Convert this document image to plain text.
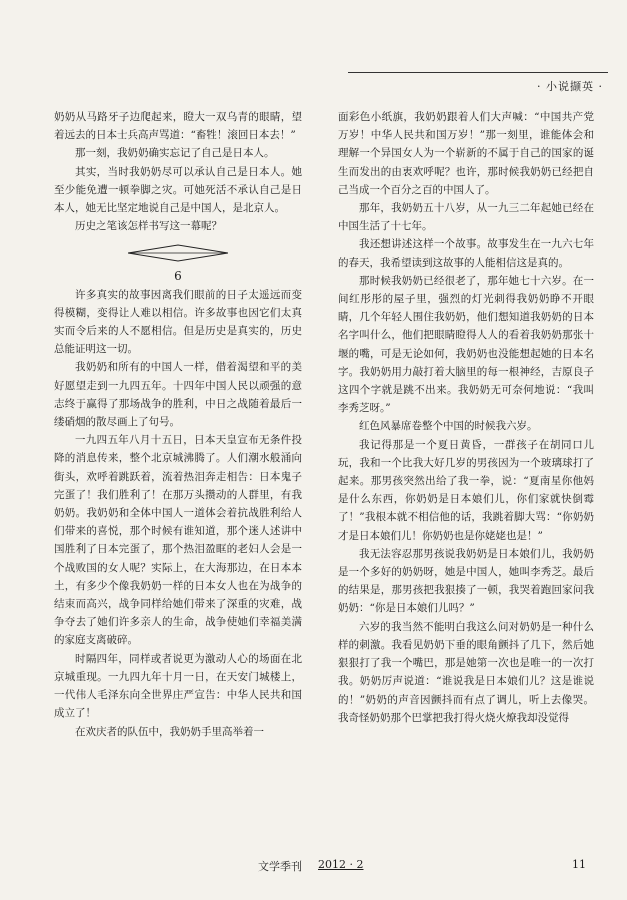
· 小说撷英 ·

奶奶从马路牙子边爬起来，瞪大一双乌青的眼睛，望着远去的日本士兵高声骂道：“畜牲！滚回日本去！”

那一刻，我奶奶确实忘记了自己是日本人。

其实，当时我奶奶尽可以承认自己是日本人。她至少能免遭一顿拳脚之灾。可她死活不承认自己是日本人，她无比坚定地说自己是中国人，是北京人。

历史之笔该怎样书写这一幕呢？

6

许多真实的故事因离我们眼前的日子太遥远而变得模糊，变得让人难以相信。许多故事也因它们太真实而令后来的人不愿相信。但是历史是真实的，历史总能证明这一切。

我奶奶和所有的中国人一样，借着渴望和平的美好愿望走到一九四五年。十四年中国人民以顽强的意志终于赢得了那场战争的胜利，中日之战随着最后一缕硝烟的散尽画上了句号。

一九四五年八月十五日，日本天皇宣布无条件投降的消息传来，整个北京城沸腾了。人们潮水般涌向街头，欢呼着跳跃着，流着热泪奔走相告：日本鬼子完蛋了！我们胜利了！在那万头攒动的人群里，有我奶奶。我奶奶和全体中国人一道体会着抗战胜利给人们带来的喜悦，那个时候有谁知道，那个迷人述讲中国胜利了日本完蛋了，那个热泪盈眶的老妇人会是一个战败国的女人呢？实际上，在大海那边，在日本本土，有多少个像我奶奶一样的日本女人也在为战争的结束而高兴，战争同样给她们带来了深重的灾难，战争夺去了她们许多亲人的生命，战争使她们幸福美满的家庭支离破碎。

时隔四年，同样或者说更为激动人心的场面在北京城重现。一九四九年十月一日，在天安门城楼上，一代伟人毛泽东向全世界庄严宣告：中华人民共和国成立了！

在欢庆者的队伍中，我奶奶手里高举着一

面彩色小纸旗，我奶奶跟着人们大声喊：“中国共产党万岁！中华人民共和国万岁！”那一刻里，谁能体会和理解一个异国女人为一个崭新的不属于自己的国家的诞生而发出的由衷欢呼呢？也许，那时候我奶奶已经把自己当成一个百分之百的中国人了。

那年，我奶奶五十八岁，从一九三二年起她已经在中国生活了十七年。

我还想讲述这样一个故事。故事发生在一九六七年的春天，我希望读到这故事的人能相信这是真的。

那时候我奶奶已经很老了，那年她七十六岁。在一间红彤彤的屋子里，强烈的灯光刺得我奶奶睁不开眼睛，几个年轻人围住我奶奶，他们想知道我奶奶的日本名字叫什么，他们把眼睛瞪得人人的看着我奶奶那张十堰的嘴，可是无论如何，我奶奶也没能想起她的日本名字。我奶奶用力敲打着大脑里的每一根神经，吉原良子这四个字就是跳不出来。我奶奶无可奈何地说：“我叫李秀芝呀。”

红色风暴席卷整个中国的时候我六岁。

我记得那是一个夏日黄昏，一群孩子在胡同口儿玩，我和一个比我大好几岁的男孩因为一个玻璃球打了起来。那男孩突然出给了我一拳，说：“夏南星你他妈是什么东西，你奶奶是日本娘们儿，你们家就快倒霉了！”我根本就不相信他的话，我跳着脚大骂：“你奶奶才是日本娘们儿！你奶奶也是你姥姥也是！”

我无法容忍那男孩说我奶奶是日本娘们儿，我奶奶是一个多好的奶奶呀，她是中国人，她叫李秀芝。最后的结果是，那男孩把我狠揍了一顿，我哭着跑回家问我奶奶：“你是日本娘们儿吗？”

六岁的我当然不能明白我这么问对奶奶是一种什么样的刺激。我看见奶奶下垂的眼角颤抖了几下，然后她狠狠打了我一个嘴巴，那是她第一次也是唯一的一次打我。奶奶厉声说道：“谁说我是日本娘们儿？这是谁说的！”奶奶的声音因颤抖而有点了调儿，听上去像哭。我奇怪奶奶那个巴掌把我打得火烧火燎我却没觉得

文学季刊 2012 · 2	11
